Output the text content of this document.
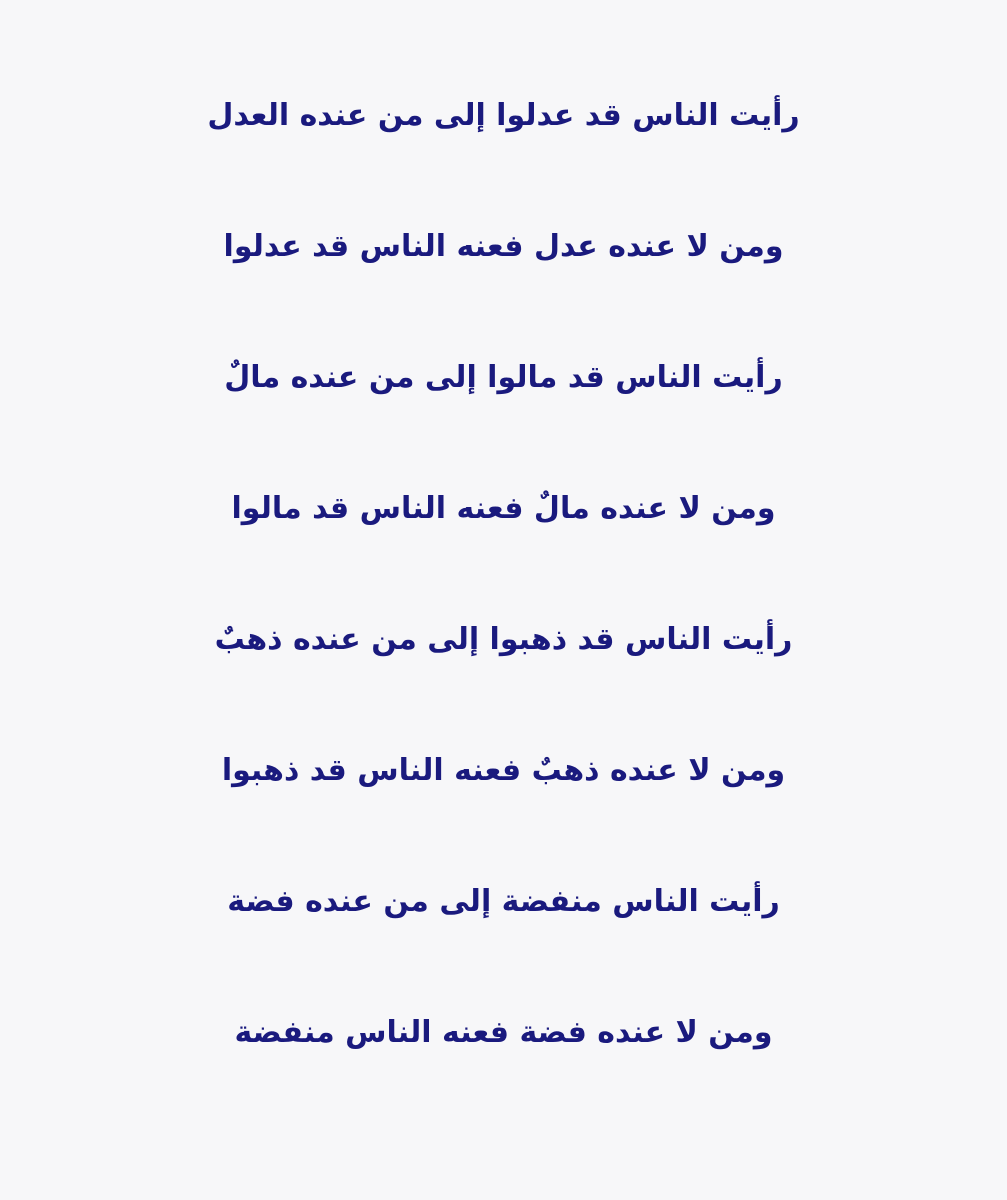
رأيت الناس قد عدلوا إلى من عنده العدل
ومن لا عنده عدل فعنه الناس قد عدلوا
رأيت الناس قد مالوا إلى من عنده مالٌ
ومن لا عنده مالٌ فعنه الناس قد مالوا
رأيت الناس قد ذهبوا إلى من عنده ذهبٌ
ومن لا عنده ذهبٌ فعنه الناس قد ذهبوا
رأيت الناس منفضة إلى من عنده فضة
ومن لا عنده فضة فعنه الناس منفضة
